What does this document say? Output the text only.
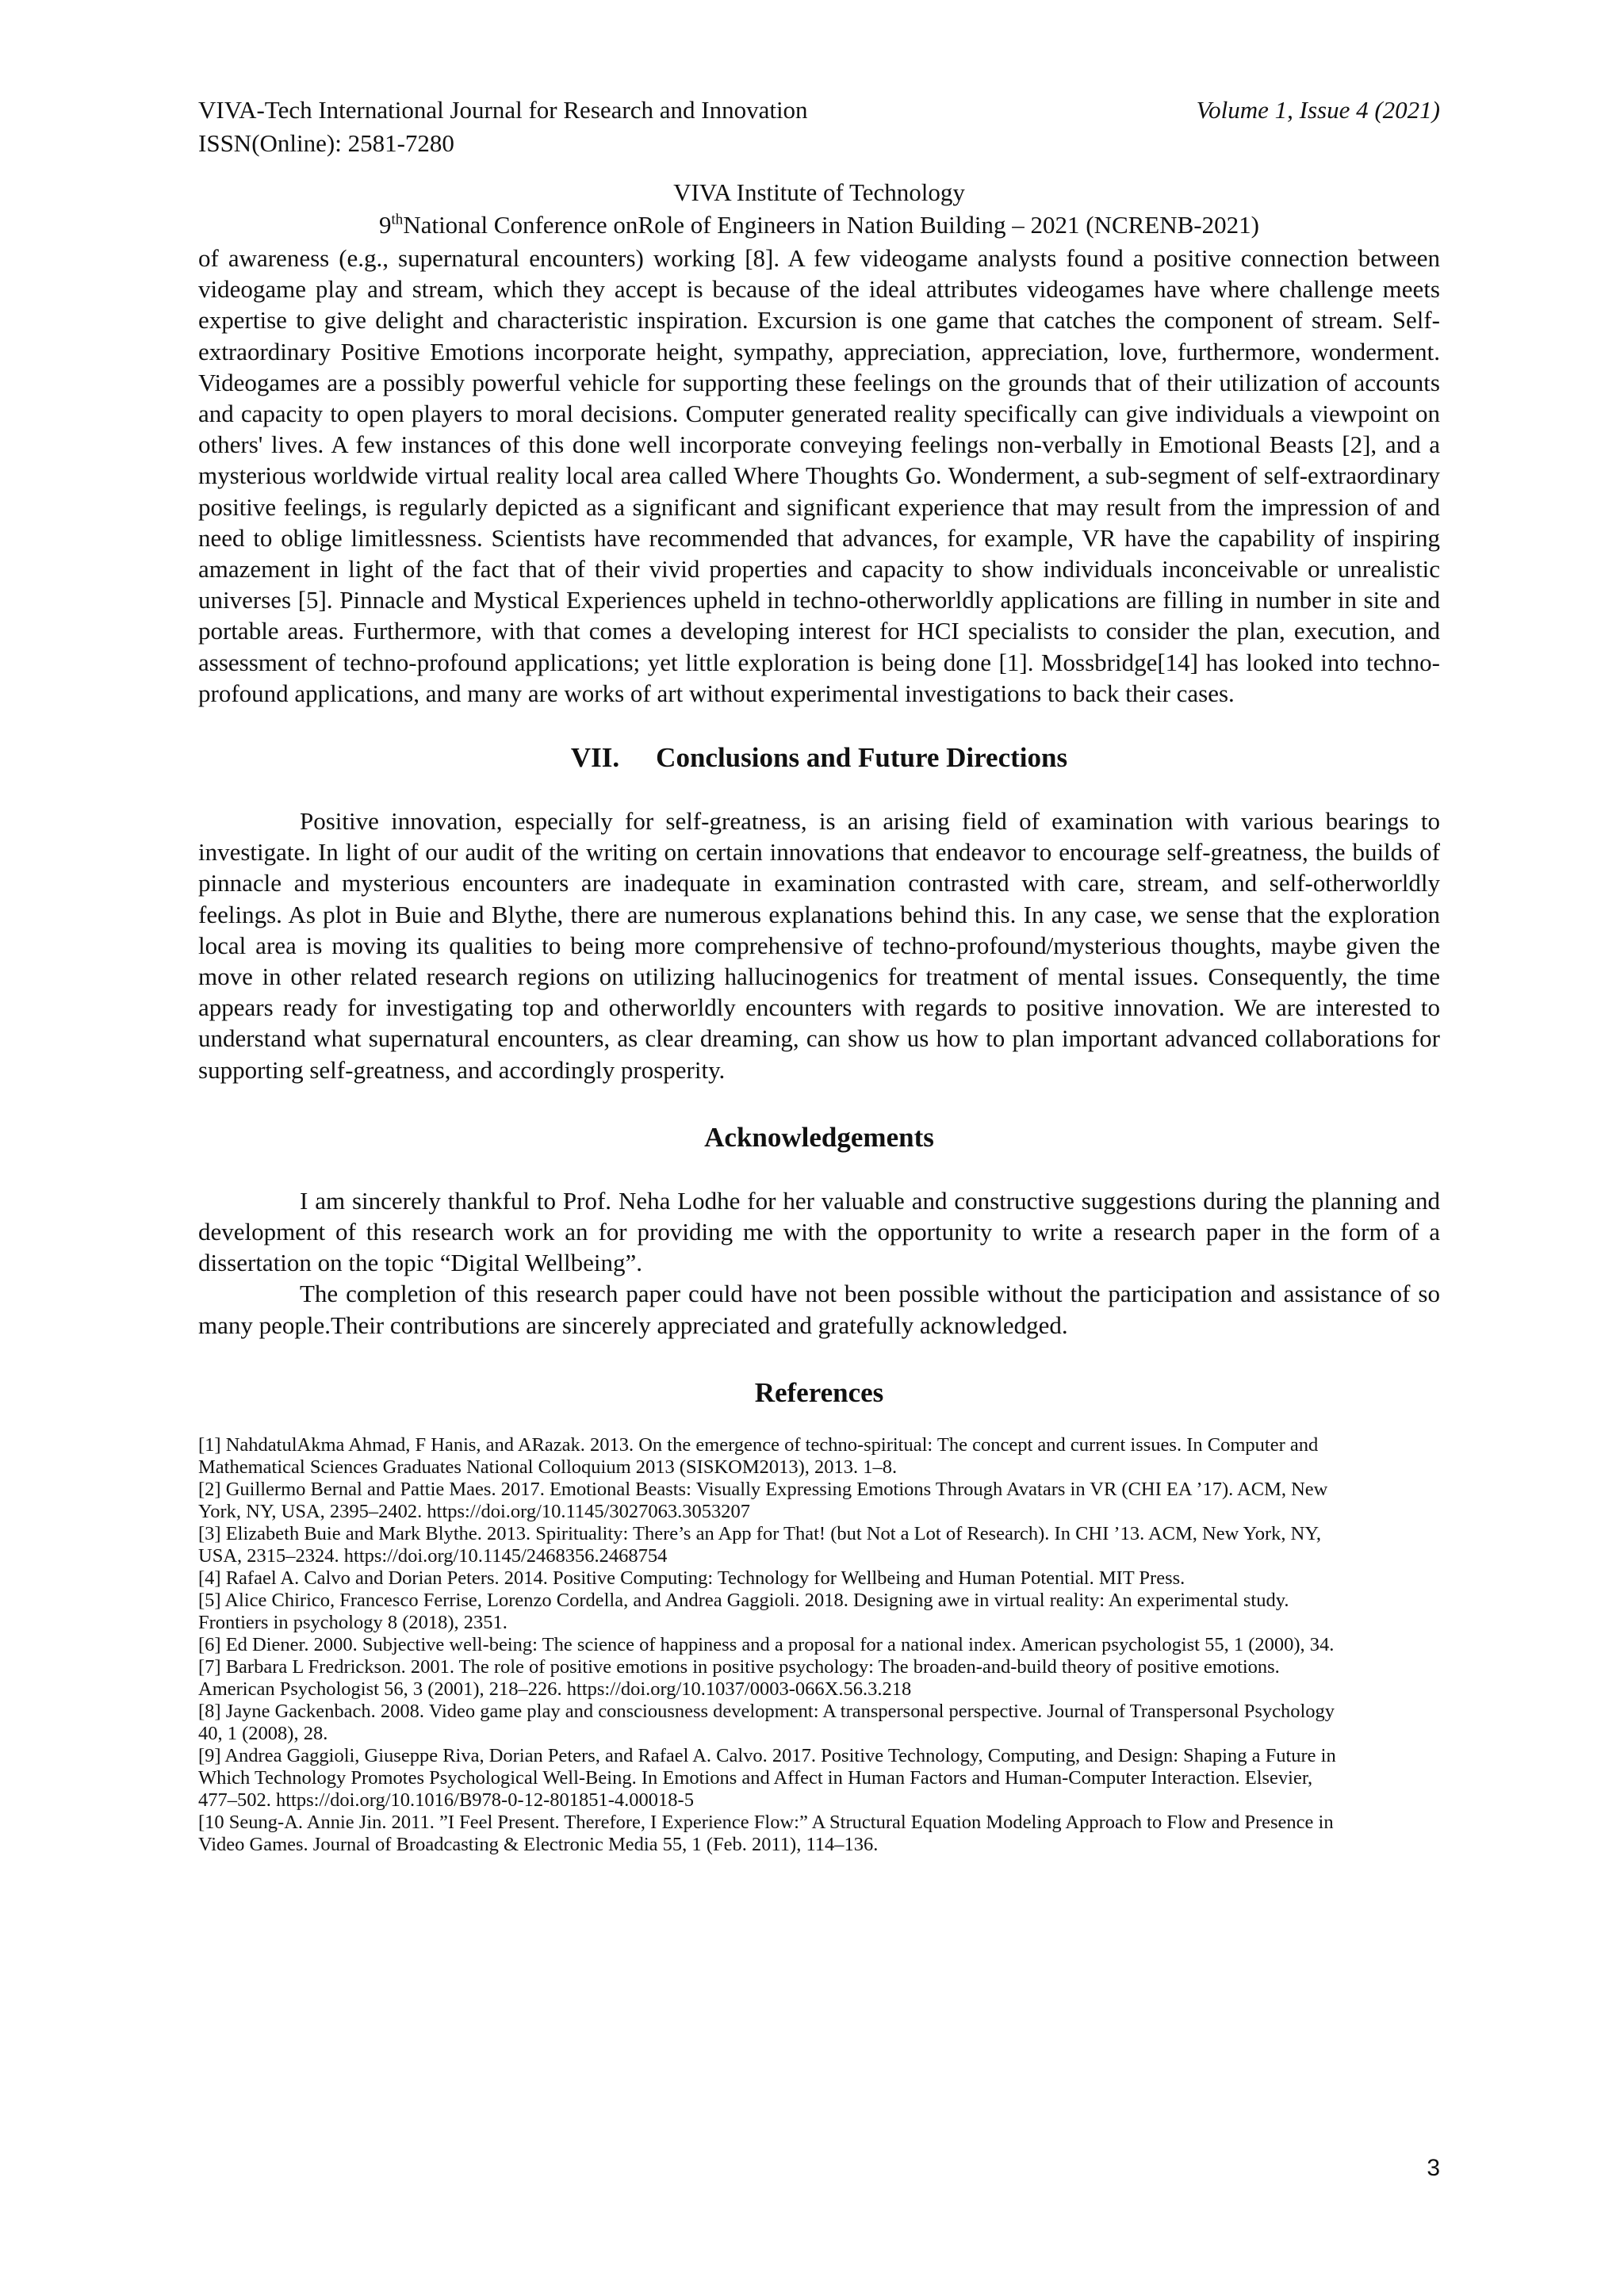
VIVA-Tech International Journal for Research and Innovation	Volume 1, Issue 4 (2021)
ISSN(Online): 2581-7280
VIVA Institute of Technology
9thNational Conference onRole of Engineers in Nation Building – 2021 (NCRENB-2021)

of awareness (e.g., supernatural encounters) working [8]. A few videogame analysts found a positive connection between videogame play and stream, which they accept is because of the ideal attributes videogames have where challenge meets expertise to give delight and characteristic inspiration. Excursion is one game that catches the component of stream. Self-extraordinary Positive Emotions incorporate height, sympathy, appreciation, appreciation, love, furthermore, wonderment. Videogames are a possibly powerful vehicle for supporting these feelings on the grounds that of their utilization of accounts and capacity to open players to moral decisions. Computer generated reality specifically can give individuals a viewpoint on others' lives. A few instances of this done well incorporate conveying feelings non-verbally in Emotional Beasts [2], and a mysterious worldwide virtual reality local area called Where Thoughts Go. Wonderment, a sub-segment of self-extraordinary positive feelings, is regularly depicted as a significant and significant experience that may result from the impression of and need to oblige limitlessness. Scientists have recommended that advances, for example, VR have the capability of inspiring amazement in light of the fact that of their vivid properties and capacity to show individuals inconceivable or unrealistic universes [5]. Pinnacle and Mystical Experiences upheld in techno-otherworldly applications are filling in number in site and portable areas. Furthermore, with that comes a developing interest for HCI specialists to consider the plan, execution, and assessment of techno-profound applications; yet little exploration is being done [1]. Mossbridge[14] has looked into techno-profound applications, and many are works of art without experimental investigations to back their cases.

VII. Conclusions and Future Directions

Positive innovation, especially for self-greatness, is an arising field of examination with various bearings to investigate. In light of our audit of the writing on certain innovations that endeavor to encourage self-greatness, the builds of pinnacle and mysterious encounters are inadequate in examination contrasted with care, stream, and self-otherworldly feelings. As plot in Buie and Blythe, there are numerous explanations behind this. In any case, we sense that the exploration local area is moving its qualities to being more comprehensive of techno-profound/mysterious thoughts, maybe given the move in other related research regions on utilizing hallucinogenics for treatment of mental issues. Consequently, the time appears ready for investigating top and otherworldly encounters with regards to positive innovation. We are interested to understand what supernatural encounters, as clear dreaming, can show us how to plan important advanced collaborations for supporting self-greatness, and accordingly prosperity.

Acknowledgements

I am sincerely thankful to Prof. Neha Lodhe for her valuable and constructive suggestions during the planning and development of this research work an for providing me with the opportunity to write a research paper in the form of a dissertation on the topic “Digital Wellbeing”.

The completion of this research paper could have not been possible without the participation and assistance of so many people.Their contributions are sincerely appreciated and gratefully acknowledged.

References
[1] NahdatulAkma Ahmad, F Hanis, and ARazak. 2013. On the emergence of techno-spiritual: The concept and current issues. In Computer and Mathematical Sciences Graduates National Colloquium 2013 (SISKOM2013), 2013. 1–8.
[2] Guillermo Bernal and Pattie Maes. 2017. Emotional Beasts: Visually Expressing Emotions Through Avatars in VR (CHI EA ’17). ACM, New York, NY, USA, 2395–2402. https://doi.org/10.1145/3027063.3053207
[3] Elizabeth Buie and Mark Blythe. 2013. Spirituality: There’s an App for That! (but Not a Lot of Research). In CHI ’13. ACM, New York, NY, USA, 2315–2324. https://doi.org/10.1145/2468356.2468754
[4] Rafael A. Calvo and Dorian Peters. 2014. Positive Computing: Technology for Wellbeing and Human Potential. MIT Press.
[5] Alice Chirico, Francesco Ferrise, Lorenzo Cordella, and Andrea Gaggioli. 2018. Designing awe in virtual reality: An experimental study. Frontiers in psychology 8 (2018), 2351.
[6] Ed Diener. 2000. Subjective well-being: The science of happiness and a proposal for a national index. American psychologist 55, 1 (2000), 34.
[7] Barbara L Fredrickson. 2001. The role of positive emotions in positive psychology: The broaden-and-build theory of positive emotions. American Psychologist 56, 3 (2001), 218–226. https://doi.org/10.1037/0003-066X.56.3.218
[8] Jayne Gackenbach. 2008. Video game play and consciousness development: A transpersonal perspective. Journal of Transpersonal Psychology 40, 1 (2008), 28.
[9] Andrea Gaggioli, Giuseppe Riva, Dorian Peters, and Rafael A. Calvo. 2017. Positive Technology, Computing, and Design: Shaping a Future in Which Technology Promotes Psychological Well-Being. In Emotions and Affect in Human Factors and Human-Computer Interaction. Elsevier, 477–502. https://doi.org/10.1016/B978-0-12-801851-4.00018-5
[10 Seung-A. Annie Jin. 2011. ”I Feel Present. Therefore, I Experience Flow:” A Structural Equation Modeling Approach to Flow and Presence in Video Games. Journal of Broadcasting & Electronic Media 55, 1 (Feb. 2011), 114–136.
3
